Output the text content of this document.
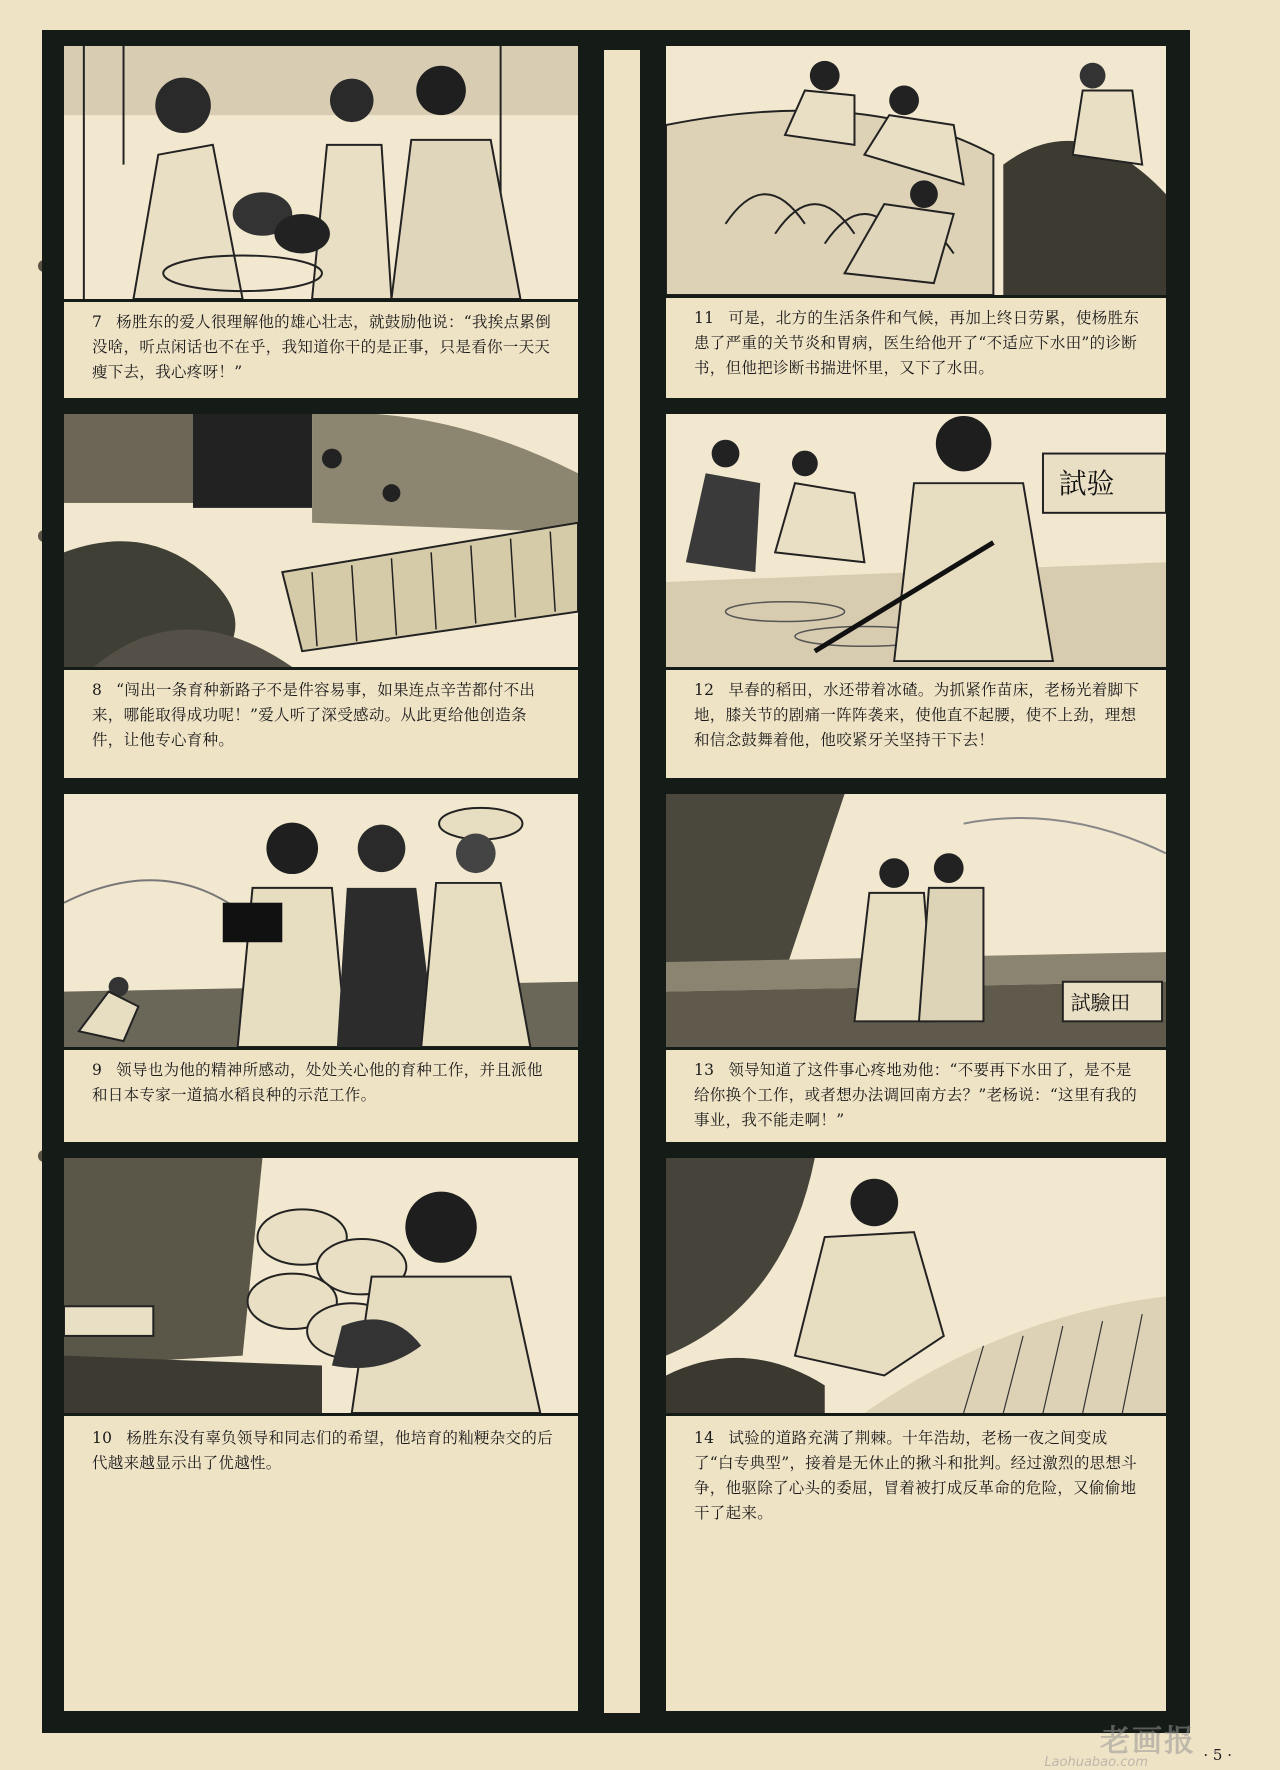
7 杨胜东的爱人很理解他的雄心壮志，就鼓励他说：“我挨点累倒没啥，听点闲话也不在乎，我知道你干的是正事，只是看你一天天瘦下去，我心疼呀！”
8 “闯出一条育种新路子不是件容易事，如果连点辛苦都付不出来，哪能取得成功呢！”爱人听了深受感动。从此更给他创造条件，让他专心育种。
9 领导也为他的精神所感动，处处关心他的育种工作，并且派他和日本专家一道搞水稻良种的示范工作。
10 杨胜东没有辜负领导和同志们的希望，他培育的籼粳杂交的后代越来越显示出了优越性。
11 可是，北方的生活条件和气候，再加上终日劳累，使杨胜东患了严重的关节炎和胃病，医生给他开了“不适应下水田”的诊断书，但他把诊断书揣进怀里，又下了水田。
試验
12 早春的稻田，水还带着冰碴。为抓紧作苗床，老杨光着脚下地，膝关节的剧痛一阵阵袭来，使他直不起腰，使不上劲，理想和信念鼓舞着他，他咬紧牙关坚持干下去！
試驗田
13 领导知道了这件事心疼地劝他：“不要再下水田了，是不是给你换个工作，或者想办法调回南方去？”老杨说：“这里有我的事业，我不能走啊！”
14 试验的道路充满了荆棘。十年浩劫，老杨一夜之间变成了“白专典型”，接着是无休止的揪斗和批判。经过激烈的思想斗争，他驱除了心头的委屈，冒着被打成反革命的危险，又偷偷地干了起来。
老画报
Laohuabao.com	· 5 ·
